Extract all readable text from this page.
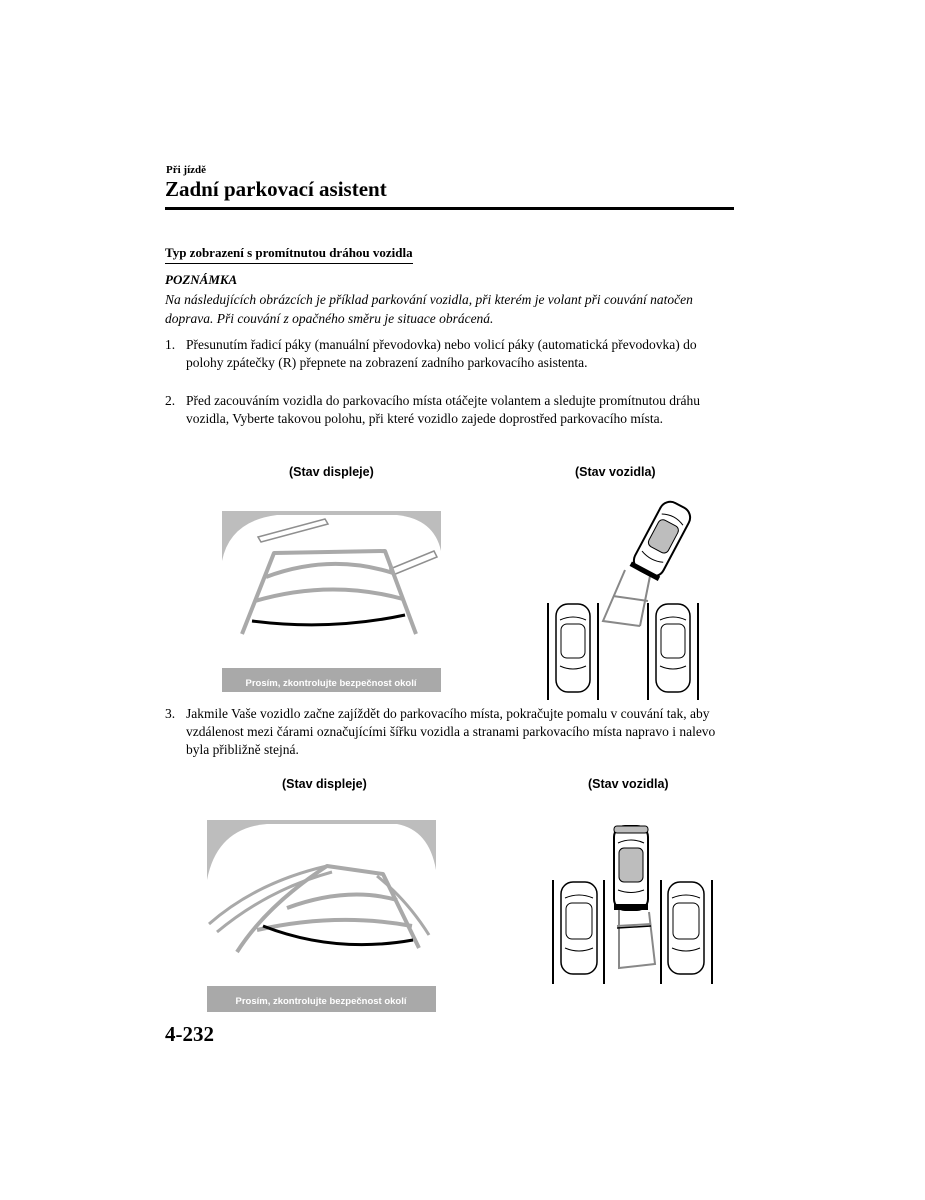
Při jízdě
Zadní parkovací asistent
Typ zobrazení s promítnutou dráhou vozidla
POZNÁMKA
Na následujících obrázcích je příklad parkování vozidla, při kterém je volant při couvání natočen doprava. Při couvání z opačného směru je situace obrácená.
1. Přesunutím řadicí páky (manuální převodovka) nebo volicí páky (automatická převodovka) do polohy zpátečky (R) přepnete na zobrazení zadního parkovacího asistenta.
2. Před zacouváním vozidla do parkovacího místa otáčejte volantem a sledujte promítnutou dráhu vozidla, Vyberte takovou polohu, při které vozidlo zajede doprostřed parkovacího místa.
(Stav displeje)	(Stav vozidla)
Prosím, zkontrolujte bezpečnost okolí
3. Jakmile Vaše vozidlo začne zajíždět do parkovacího místa, pokračujte pomalu v couvání tak, aby vzdálenost mezi čárami označujícími šířku vozidla a stranami parkovacího místa napravo i nalevo byla přibližně stejná.
(Stav displeje)	(Stav vozidla)
Prosím, zkontrolujte bezpečnost okolí
4-232
